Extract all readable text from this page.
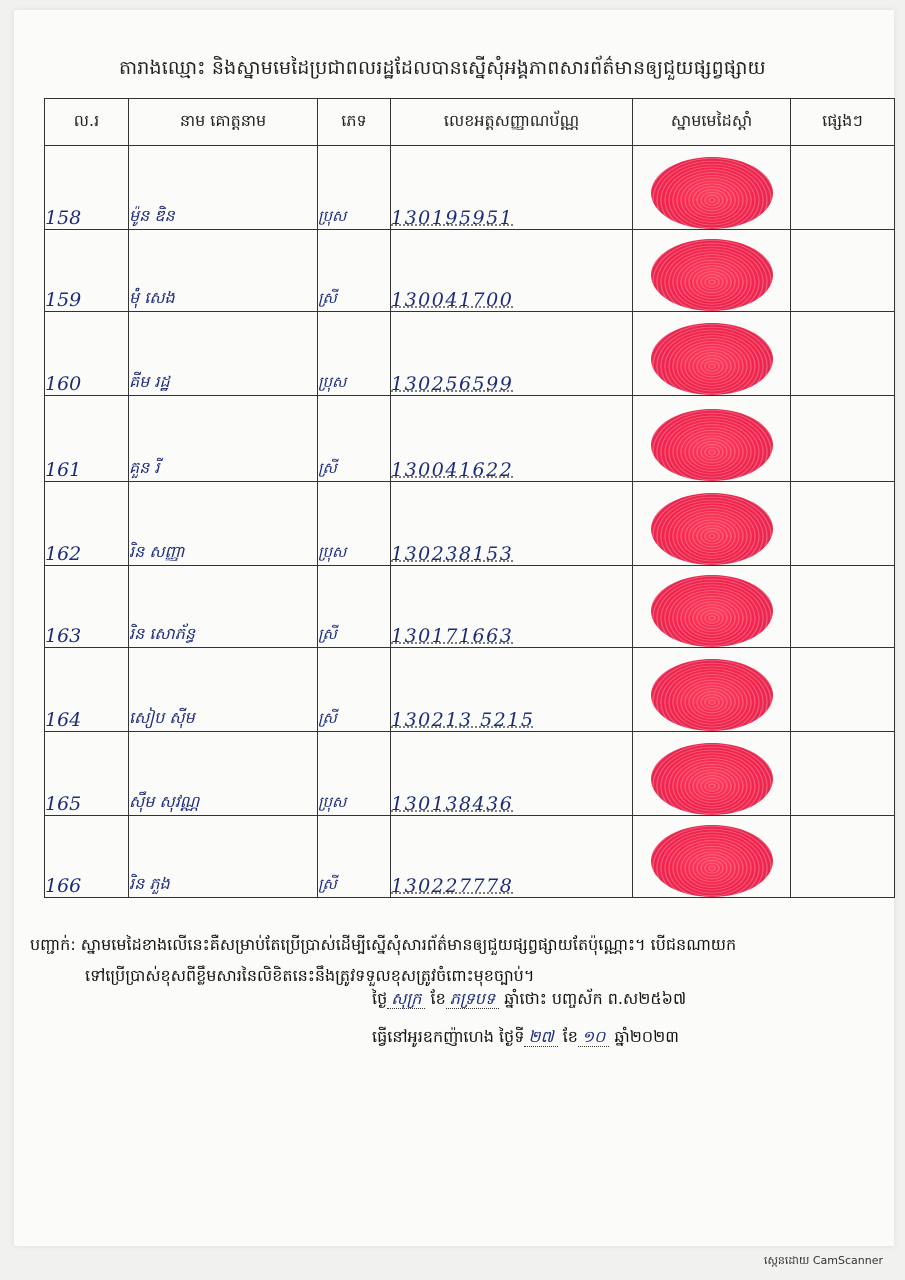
តារាងឈ្មោះ និងស្នាមមេដៃប្រជាពលរដ្ឋដែលបានស្នើសុំអង្គភាពសារព័ត៌មានឲ្យជួយផ្សព្វផ្សាយ
ល.រ	នាម គោត្តនាម	ភេទ	លេខអត្តសញ្ញាណប័ណ្ណ	ស្នាមមេដៃស្តាំ	ផ្សេងៗ
158	ម៉ូន ឌិន	ប្រុស	130195951	

159	ម៉ុំ សេង	ស្រី	130041700	

160	គីម រដ្ឋ	ប្រុស	130256599	

161	គួន រី	ស្រី	130041622	

162	រិន សញ្ញា	ប្រុស	130238153	

163	រិន សោភ័ន្ធ	ស្រី	130171663	

164	សៀប ស៊ីម	ស្រី	130213 5215	

165	ស៊ឹម សុវណ្ណ	ប្រុស	130138436	

166	រិន ភួង	ស្រី	130227778	

បញ្ជាក់: ស្នាមមេដៃខាងលើនេះគឺសម្រាប់តែប្រើប្រាស់ដើម្បីស្នើសុំសារព័ត៌មានឲ្យជួយផ្សព្វផ្សាយតែប៉ុណ្ណោះ។ បើជនណាយក
ទៅប្រើប្រាស់ខុសពីខ្លឹមសារនៃលិខិតនេះនឹងត្រូវទទួលខុសត្រូវចំពោះមុខច្បាប់។
ថ្ងៃ សុក្រ ខែ ភទ្របទ ឆ្នាំថោះ បញ្ចស័ក ព.ស២៥៦៧
ធ្វើនៅអូរឧកញ៉ាហេង ថ្ងៃទី ២៧ ខែ ១០ ឆ្នាំ២០២៣
ស្កេនដោយ CamScanner
